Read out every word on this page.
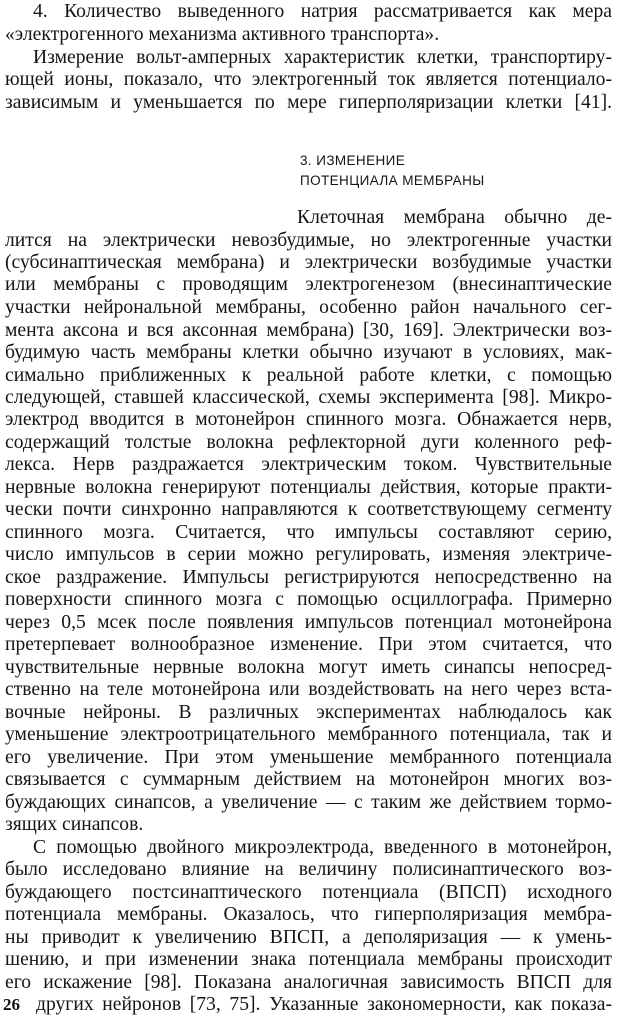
4. Количество выведенного натрия рассматривается как мера
«электрогенного механизма активного транспорта».
Измерение вольт-амперных характеристик клетки, транспортиру-
ющей ионы, показало, что электрогенный ток является потенциало-
зависимым и уменьшается по мере гиперполяризации клетки [41].
3. ИЗМЕНЕНИЕ
ПОТЕНЦИАЛА МЕМБРАНЫ
Клеточная мембрана обычно де-
лится на электрически невозбудимые, но электрогенные участки
(субсинаптическая мембрана) и электрически возбудимые участки
или мембраны с проводящим электрогенезом (внесинаптические
участки нейрональной мембраны, особенно район начального сег-
мента аксона и вся аксонная мембрана) [30, 169]. Электрически воз-
будимую часть мембраны клетки обычно изучают в условиях, мак-
симально приближенных к реальной работе клетки, с помощью
следующей, ставшей классической, схемы эксперимента [98]. Микро-
электрод вводится в мотонейрон спинного мозга. Обнажается нерв,
содержащий толстые волокна рефлекторной дуги коленного реф-
лекса. Нерв раздражается электрическим током. Чувствительные
нервные волокна генерируют потенциалы действия, которые практи-
чески почти синхронно направляются к соответствующему сегменту
спинного мозга. Считается, что импульсы составляют серию,
число импульсов в серии можно регулировать, изменяя электриче-
ское раздражение. Импульсы регистрируются непосредственно на
поверхности спинного мозга с помощью осциллографа. Примерно
через 0,5 мсек после появления импульсов потенциал мотонейрона
претерпевает волнообразное изменение. При этом считается, что
чувствительные нервные волокна могут иметь синапсы непосред-
ственно на теле мотонейрона или воздействовать на него через вста-
вочные нейроны. В различных экспериментах наблюдалось как
уменьшение электроотрицательного мембранного потенциала, так и
его увеличение. При этом уменьшение мембранного потенциала
связывается с суммарным действием на мотонейрон многих воз-
буждающих синапсов, а увеличение — с таким же действием тормо-
зящих синапсов.
С помощью двойного микроэлектрода, введенного в мотонейрон,
было исследовано влияние на величину полисинаптического воз-
буждающего постсинаптического потенциала (ВПСП) исходного
потенциала мембраны. Оказалось, что гиперполяризация мембра-
ны приводит к увеличению ВПСП, а деполяризация — к умень-
шению, и при изменении знака потенциала мембраны происходит
его искажение [98]. Показана аналогичная зависимость ВПСП для
других нейронов [73, 75]. Указанные закономерности, как показа-
26
